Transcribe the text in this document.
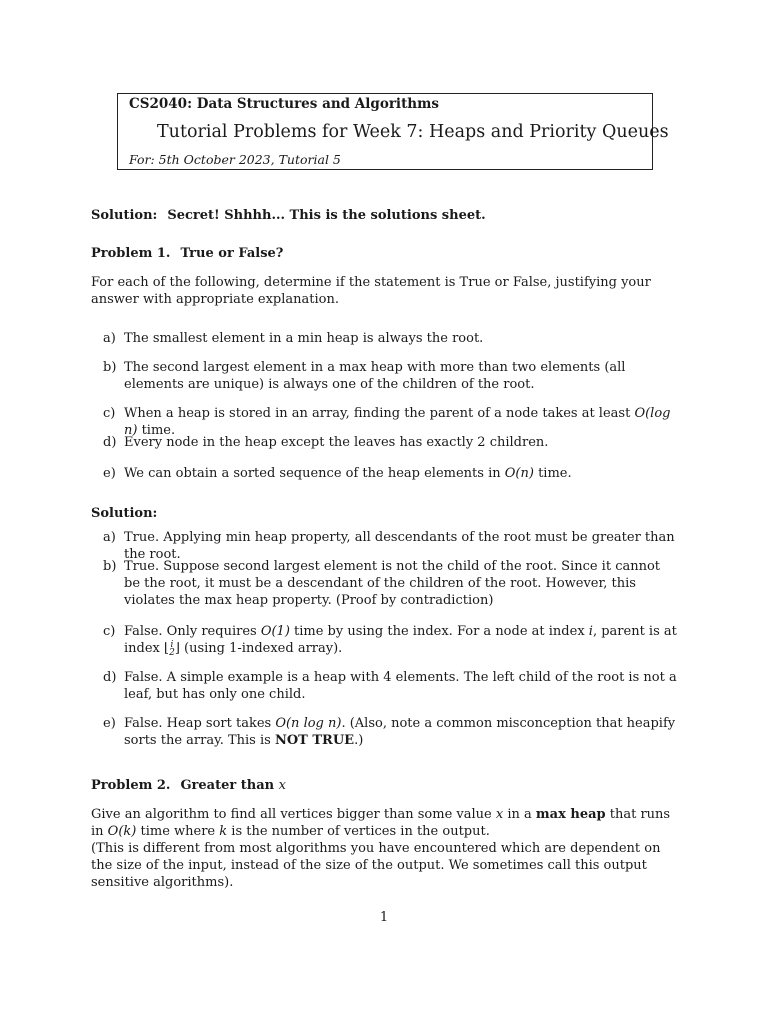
CS2040: Data Structures and Algorithms
Tutorial Problems for Week 7: Heaps and Priority Queues
For: 5th October 2023, Tutorial 5
Solution: Secret! Shhhh... This is the solutions sheet.
Problem 1. True or False?
For each of the following, determine if the statement is True or False, justifying your answer with appropriate explanation.
a) The smallest element in a min heap is always the root.
b) The second largest element in a max heap with more than two elements (all elements are unique) is always one of the children of the root.
c) When a heap is stored in an array, finding the parent of a node takes at least O(log n) time.
d) Every node in the heap except the leaves has exactly 2 children.
e) We can obtain a sorted sequence of the heap elements in O(n) time.
Solution:
a) True. Applying min heap property, all descendants of the root must be greater than the root.
b) True. Suppose second largest element is not the child of the root. Since it cannot be the root, it must be a descendant of the children of the root. However, this violates the max heap property. (Proof by contradiction)
c) False. Only requires O(1) time by using the index. For a node at index i, parent is at index ⌊i
2⌋ (using 1-indexed array).
d) False. A simple example is a heap with 4 elements. The left child of the root is not a leaf, but has only one child.
e) False. Heap sort takes O(n log n). (Also, note a common misconception that heapify sorts the array. This is NOT TRUE.)
Problem 2. Greater than x
Give an algorithm to find all vertices bigger than some value x in a max heap that runs in O(k) time where k is the number of vertices in the output.
(This is different from most algorithms you have encountered which are dependent on the size of the input, instead of the size of the output. We sometimes call this output sensitive algorithms).
1
